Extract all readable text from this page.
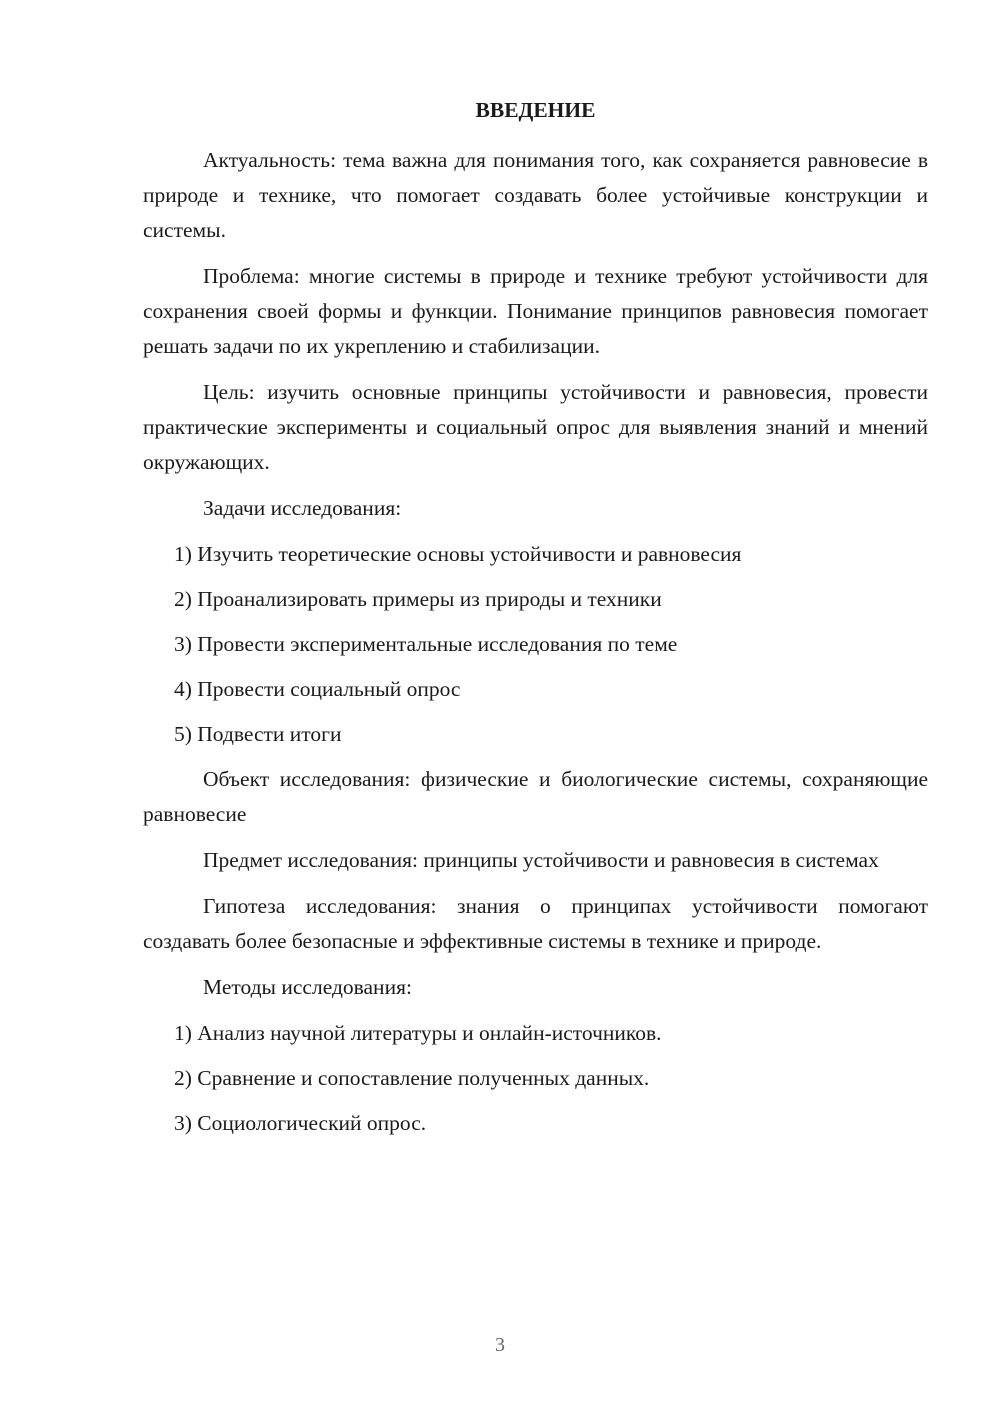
ВВЕДЕНИЕ

Актуальность: тема важна для понимания того, как сохраняется равновесие в природе и технике, что помогает создавать более устойчивые конструкции и системы.

Проблема: многие системы в природе и технике требуют устойчивости для сохранения своей формы и функции. Понимание принципов равновесия помогает решать задачи по их укреплению и стабилизации.

Цель: изучить основные принципы устойчивости и равновесия, провести практические эксперименты и социальный опрос для выявления знаний и мнений окружающих.

Задачи исследования:

1) Изучить теоретические основы устойчивости и равновесия

2) Проанализировать примеры из природы и техники

3) Провести экспериментальные исследования по теме

4) Провести социальный опрос

5) Подвести итоги

Объект исследования: физические и биологические системы, сохраняющие равновесие

Предмет исследования: принципы устойчивости и равновесия в системах

Гипотеза исследования: знания о принципах устойчивости помогают создавать более безопасные и эффективные системы в технике и природе.

Методы исследования:

1) Анализ научной литературы и онлайн-источников.

2) Сравнение и сопоставление полученных данных.

3) Социологический опрос.

3
